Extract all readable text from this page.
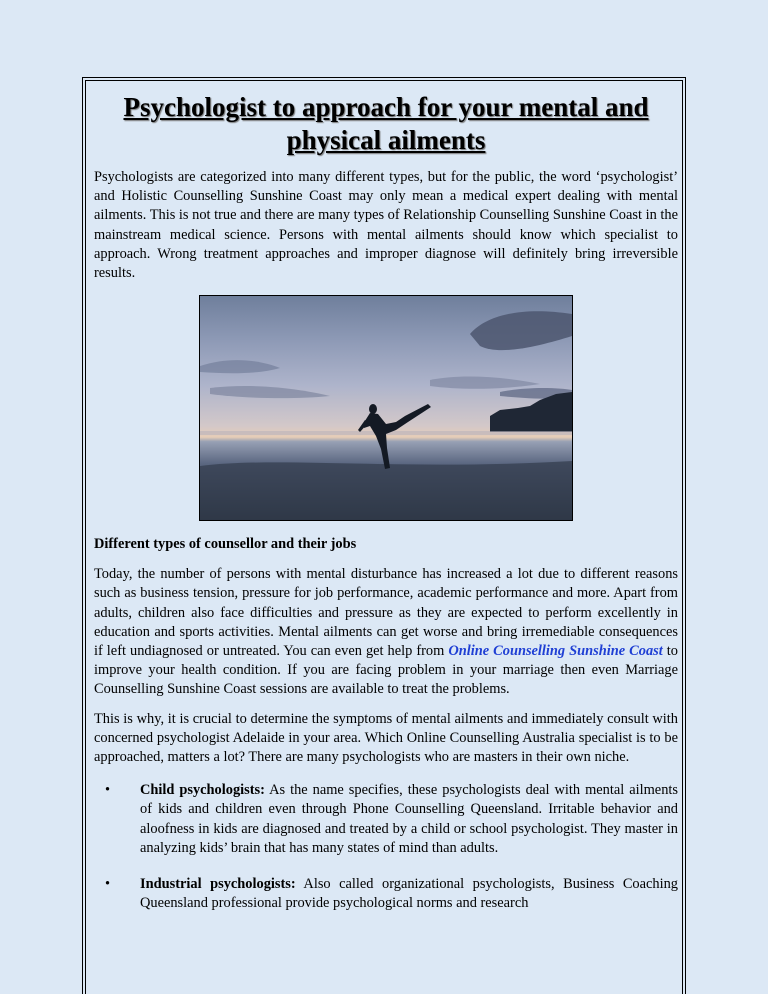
Psychologist to approach for your mental and physical ailments

Psychologists are categorized into many different types, but for the public, the word ‘psychologist’ and Holistic Counselling Sunshine Coast may only mean a medical expert dealing with mental ailments. This is not true and there are many types of Relationship Counselling Sunshine Coast in the mainstream medical science. Persons with mental ailments should know which specialist to approach. Wrong treatment approaches and improper diagnose will definitely bring irreversible results.

Different types of counsellor and their jobs

Today, the number of persons with mental disturbance has increased a lot due to different reasons such as business tension, pressure for job performance, academic performance and more. Apart from adults, children also face difficulties and pressure as they are expected to perform excellently in education and sports activities. Mental ailments can get worse and bring irremediable consequences if left undiagnosed or untreated. You can even get help from Online Counselling Sunshine Coast to improve your health condition. If you are facing problem in your marriage then even Marriage Counselling Sunshine Coast sessions are available to treat the problems.

This is why, it is crucial to determine the symptoms of mental ailments and immediately consult with concerned psychologist Adelaide in your area. Which Online Counselling Australia specialist is to be approached, matters a lot? There are many psychologists who are masters in their own niche.

• Child psychologists: As the name specifies, these psychologists deal with mental ailments of kids and children even through Phone Counselling Queensland. Irritable behavior and aloofness in kids are diagnosed and treated by a child or school psychologist. They master in analyzing kids’ brain that has many states of mind than adults.

• Industrial psychologists: Also called organizational psychologists, Business Coaching Queensland professional provide psychological norms and research
